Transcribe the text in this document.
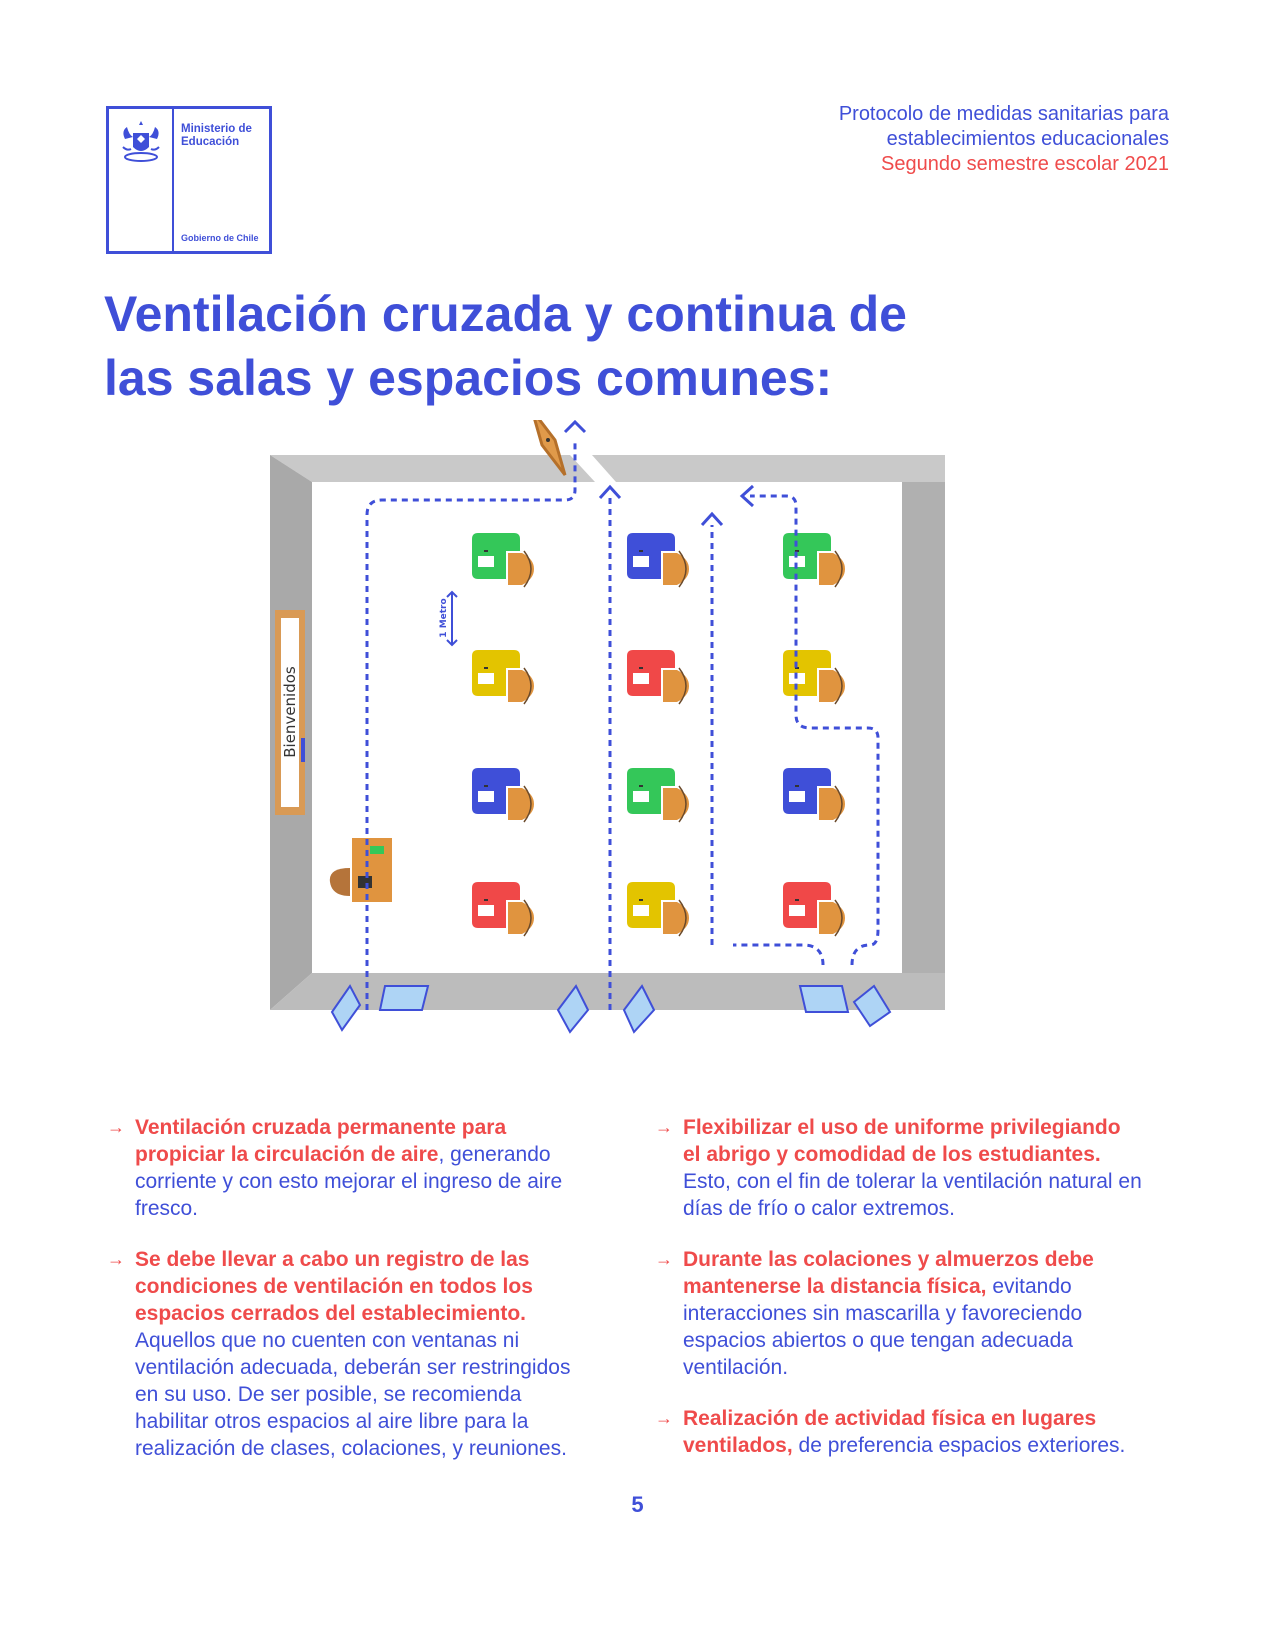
Ministerio de
Educación
Gobierno de Chile
Protocolo de medidas sanitarias para
establecimientos educacionales
Segundo semestre escolar 2021
Ventilación cruzada y continua de
las salas y espacios comunes:
Bienvenidos
1 Metro
→ Ventilación cruzada permanente para propiciar la circulación de aire, generando corriente y con esto mejorar el ingreso de aire fresco.
→ Se debe llevar a cabo un registro de las condiciones de ventilación en todos los espacios cerrados del establecimiento. Aquellos que no cuenten con ventanas ni ventilación adecuada, deberán ser restringidos en su uso. De ser posible, se recomienda habilitar otros espacios al aire libre para la realización de clases, colaciones, y reuniones.
→ Flexibilizar el uso de uniforme privilegiando el abrigo y comodidad de los estudiantes. Esto, con el fin de tolerar la ventilación natural en días de frío o calor extremos.
→ Durante las colaciones y almuerzos debe mantenerse la distancia física, evitando interacciones sin mascarilla y favoreciendo espacios abiertos o que tengan adecuada ventilación.
→ Realización de actividad física en lugares ventilados, de preferencia espacios exteriores.
5
